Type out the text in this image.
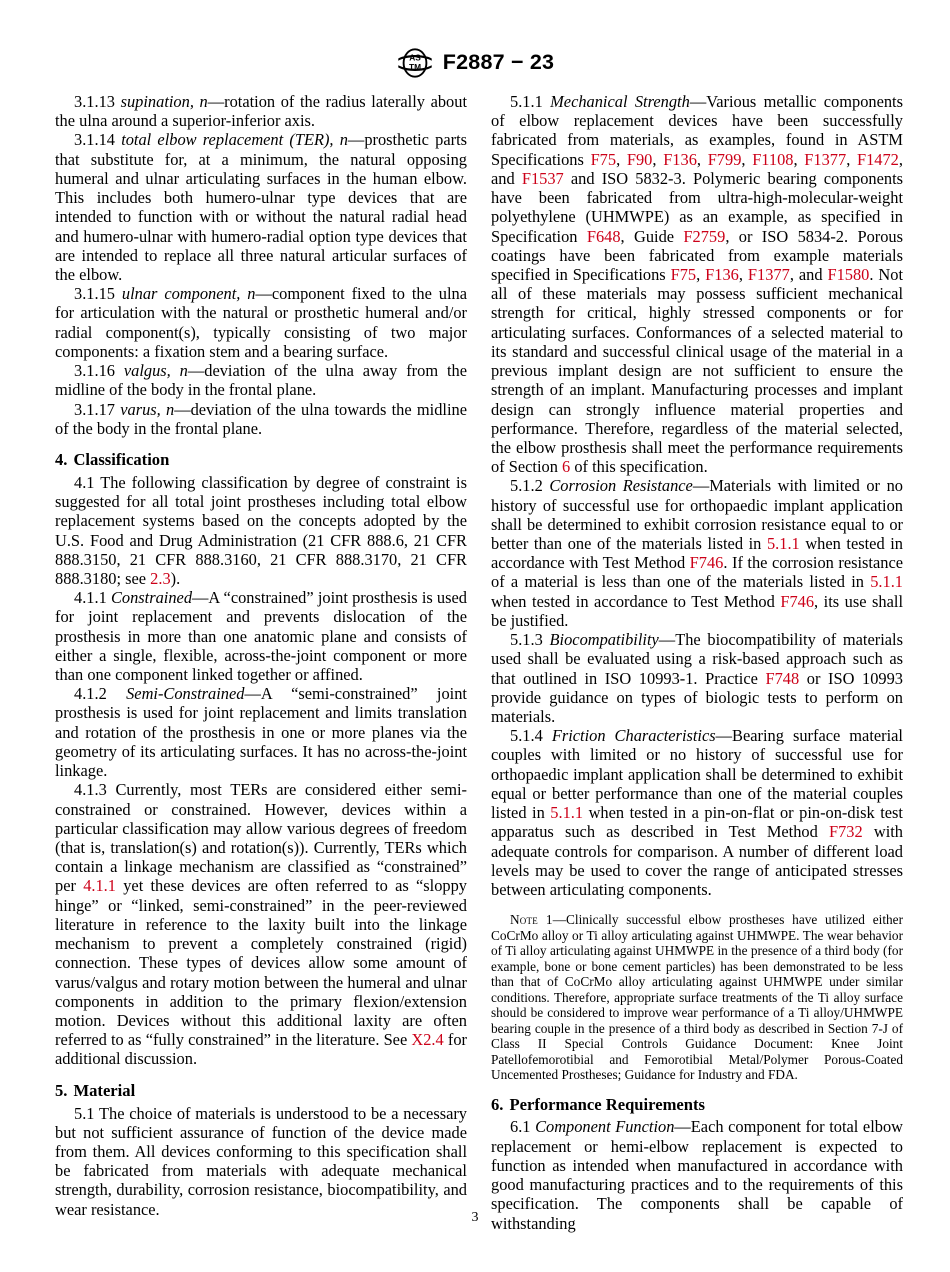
AS
TM F2887 − 23

3.1.13 supination, n—rotation of the radius laterally about the ulna around a superior-inferior axis.

3.1.14 total elbow replacement (TER), n—prosthetic parts that substitute for, at a minimum, the natural opposing humeral and ulnar articulating surfaces in the human elbow. This includes both humero-ulnar type devices that are intended to function with or without the natural radial head and humero-ulnar with humero-radial option type devices that are intended to replace all three natural articular surfaces of the elbow.

3.1.15 ulnar component, n—component fixed to the ulna for articulation with the natural or prosthetic humeral and/or radial component(s), typically consisting of two major components: a fixation stem and a bearing surface.

3.1.16 valgus, n—deviation of the ulna away from the midline of the body in the frontal plane.

3.1.17 varus, n—deviation of the ulna towards the midline of the body in the frontal plane.

4. Classification

4.1 The following classification by degree of constraint is suggested for all total joint prostheses including total elbow replacement systems based on the concepts adopted by the U.S. Food and Drug Administration (21 CFR 888.6, 21 CFR 888.3150, 21 CFR 888.3160, 21 CFR 888.3170, 21 CFR 888.3180; see 2.3).

4.1.1 Constrained—A “constrained” joint prosthesis is used for joint replacement and prevents dislocation of the prosthesis in more than one anatomic plane and consists of either a single, flexible, across-the-joint component or more than one component linked together or affined.

4.1.2 Semi-Constrained—A “semi-constrained” joint prosthesis is used for joint replacement and limits translation and rotation of the prosthesis in one or more planes via the geometry of its articulating surfaces. It has no across-the-joint linkage.

4.1.3 Currently, most TERs are considered either semi-constrained or constrained. However, devices within a particular classification may allow various degrees of freedom (that is, translation(s) and rotation(s)). Currently, TERs which contain a linkage mechanism are classified as “constrained” per 4.1.1 yet these devices are often referred to as “sloppy hinge” or “linked, semi-constrained” in the peer-reviewed literature in reference to the laxity built into the linkage mechanism to prevent a completely constrained (rigid) connection. These types of devices allow some amount of varus/valgus and rotary motion between the humeral and ulnar components in addition to the primary flexion/extension motion. Devices without this additional laxity are often referred to as “fully constrained” in the literature. See X2.4 for additional discussion.

5. Material

5.1 The choice of materials is understood to be a necessary but not sufficient assurance of function of the device made from them. All devices conforming to this specification shall be fabricated from materials with adequate mechanical strength, durability, corrosion resistance, biocompatibility, and wear resistance.

5.1.1 Mechanical Strength—Various metallic components of elbow replacement devices have been successfully fabricated from materials, as examples, found in ASTM Specifications F75, F90, F136, F799, F1108, F1377, F1472, and F1537 and ISO 5832-3. Polymeric bearing components have been fabricated from ultra-high-molecular-weight polyethylene (UHMWPE) as an example, as specified in Specification F648, Guide F2759, or ISO 5834-2. Porous coatings have been fabricated from example materials specified in Specifications F75, F136, F1377, and F1580. Not all of these materials may possess sufficient mechanical strength for critical, highly stressed components or for articulating surfaces. Conformances of a selected material to its standard and successful clinical usage of the material in a previous implant design are not sufficient to ensure the strength of an implant. Manufacturing processes and implant design can strongly influence material properties and performance. Therefore, regardless of the material selected, the elbow prosthesis shall meet the performance requirements of Section 6 of this specification.

5.1.2 Corrosion Resistance—Materials with limited or no history of successful use for orthopaedic implant application shall be determined to exhibit corrosion resistance equal to or better than one of the materials listed in 5.1.1 when tested in accordance with Test Method F746. If the corrosion resistance of a material is less than one of the materials listed in 5.1.1 when tested in accordance to Test Method F746, its use shall be justified.

5.1.3 Biocompatibility—The biocompatibility of materials used shall be evaluated using a risk-based approach such as that outlined in ISO 10993-1. Practice F748 or ISO 10993 provide guidance on types of biologic tests to perform on materials.

5.1.4 Friction Characteristics—Bearing surface material couples with limited or no history of successful use for orthopaedic implant application shall be determined to exhibit equal or better performance than one of the material couples listed in 5.1.1 when tested in a pin-on-flat or pin-on-disk test apparatus such as described in Test Method F732 with adequate controls for comparison. A number of different load levels may be used to cover the range of anticipated stresses between articulating components.

Note 1—Clinically successful elbow prostheses have utilized either CoCrMo alloy or Ti alloy articulating against UHMWPE. The wear behavior of Ti alloy articulating against UHMWPE in the presence of a third body (for example, bone or bone cement particles) has been demonstrated to be less than that of CoCrMo alloy articulating against UHMWPE under similar conditions. Therefore, appropriate surface treatments of the Ti alloy surface should be considered to improve wear performance of a Ti alloy/UHMWPE bearing couple in the presence of a third body as described in Section 7-J of Class II Special Controls Guidance Document: Knee Joint Patellofemorotibial and Femorotibial Metal/Polymer Porous-Coated Uncemented Prostheses; Guidance for Industry and FDA.

6. Performance Requirements

6.1 Component Function—Each component for total elbow replacement or hemi-elbow replacement is expected to function as intended when manufactured in accordance with good manufacturing practices and to the requirements of this specification. The components shall be capable of withstanding

3
